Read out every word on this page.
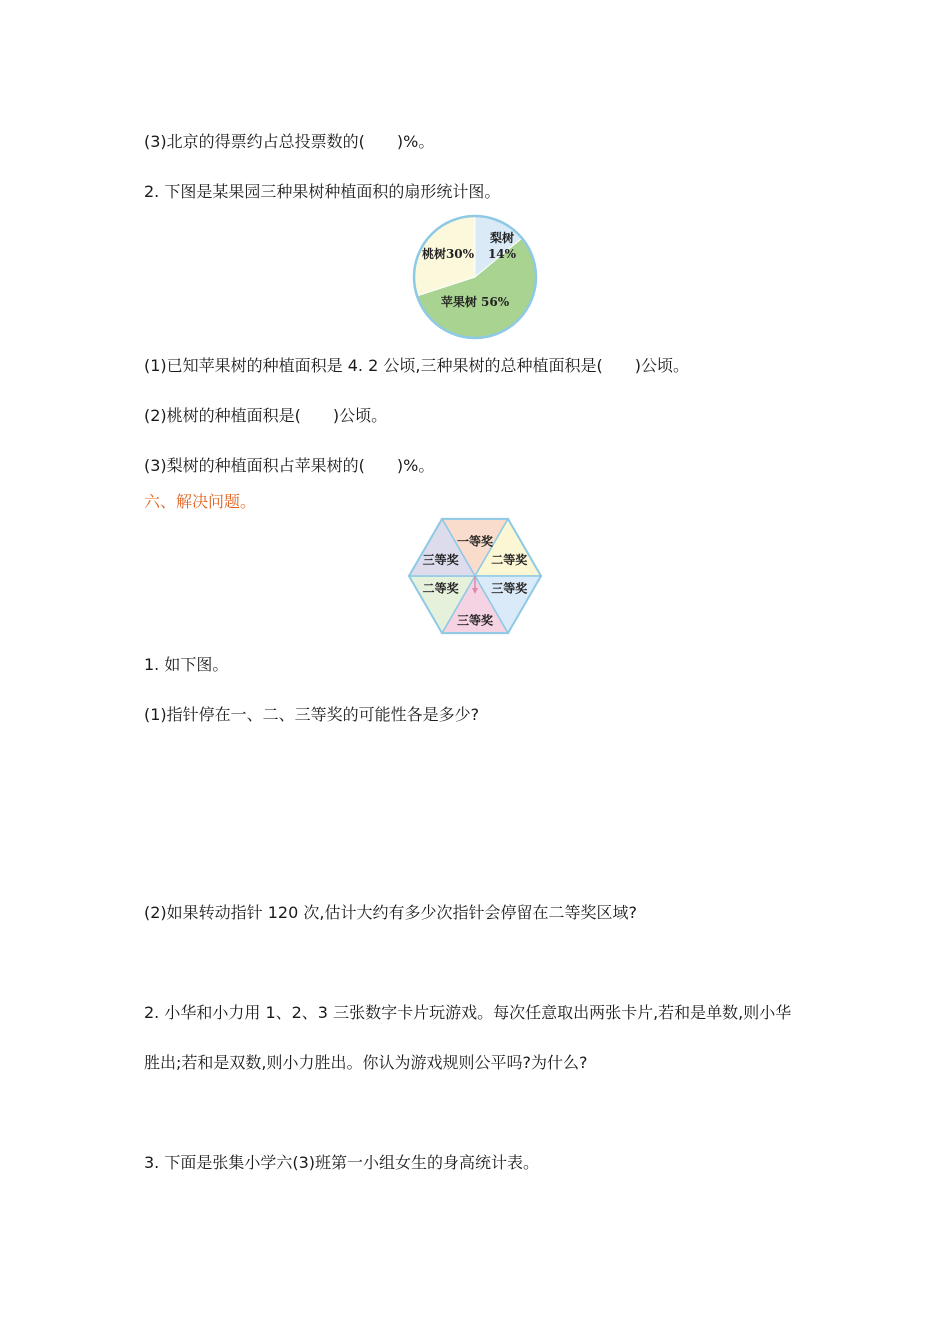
(3)北京的得票约占总投票数的(　　)%。
2. 下图是某果园三种果树种植面积的扇形统计图。
梨树
14%
苹果树 56%
桃树30%
(1)已知苹果树的种植面积是 4. 2 公顷,三种果树的总种植面积是(　　)公顷。
(2)桃树的种植面积是(　　)公顷。
(3)梨树的种植面积占苹果树的(　　)%。
六、解决问题。
一等奖
二等奖
三等奖
三等奖
二等奖
三等奖
1. 如下图。
(1)指针停在一、二、三等奖的可能性各是多少?
(2)如果转动指针 120 次,估计大约有多少次指针会停留在二等奖区域?
2. 小华和小力用 1、2、3 三张数字卡片玩游戏。每次任意取出两张卡片,若和是单数,则小华
胜出;若和是双数,则小力胜出。你认为游戏规则公平吗?为什么?
3. 下面是张集小学六(3)班第一小组女生的身高统计表。
